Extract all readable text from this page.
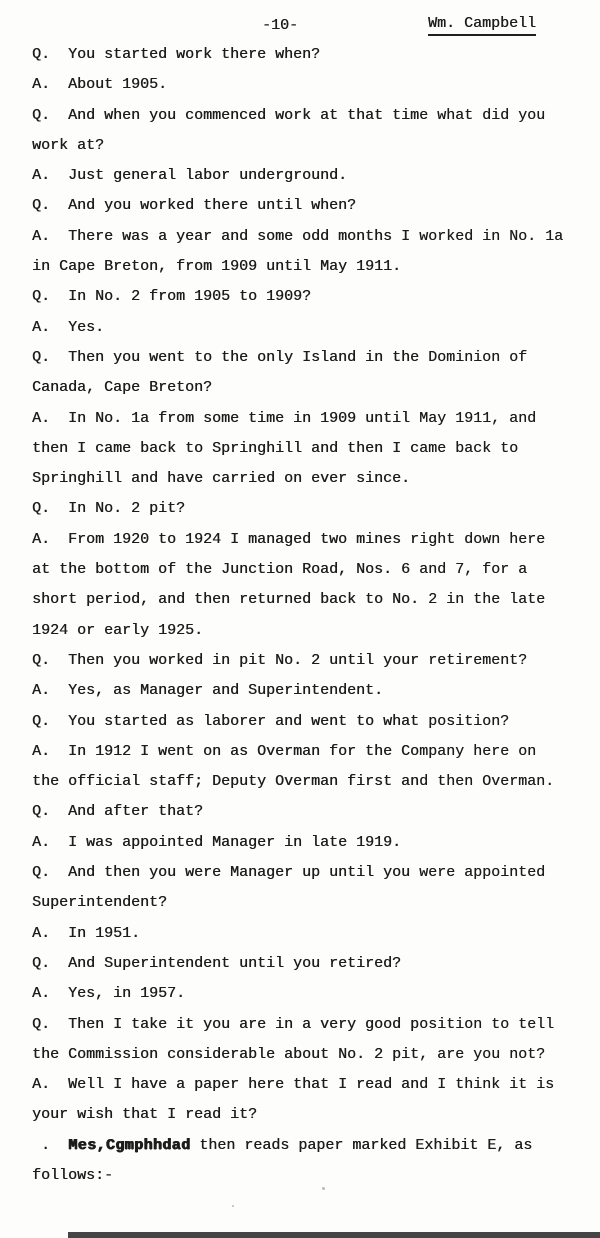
-10-	Wm. Campbell
Q.  You started work there when?
A.  About 1905.
Q.  And when you commenced work at that time what did you
work at?
A.  Just general labor underground.
Q.  And you worked there until when?
A.  There was a year and some odd months I worked in No. 1a
in Cape Breton, from 1909 until May 1911.
Q.  In No. 2 from 1905 to 1909?
A.  Yes.
Q.  Then you went to the only Island in the Dominion of
Canada, Cape Breton?
A.  In No. 1a from some time in 1909 until May 1911, and
then I came back to Springhill and then I came back to
Springhill and have carried on ever since.
Q.  In No. 2 pit?
A.  From 1920 to 1924 I managed two mines right down here
at the bottom of the Junction Road, Nos. 6 and 7, for a
short period, and then returned back to No. 2 in the late
1924 or early 1925.
Q.  Then you worked in pit No. 2 until your retirement?
A.  Yes, as Manager and Superintendent.
Q.  You started as laborer and went to what position?
A.  In 1912 I went on as Overman for the Company here on
the official staff; Deputy Overman first and then Overman.
Q.  And after that?
A.  I was appointed Manager in late 1919.
Q.  And then you were Manager up until you were appointed
Superintendent?
A.  In 1951.
Q.  And Superintendent until you retired?
A.  Yes, in 1957.
Q.  Then I take it you are in a very good position to tell
the Commission considerable about No. 2 pit, are you not?
A.  Well I have a paper here that I read and I think it is
your wish that I read it?
.  Mes,Cgmphhdad then reads paper marked Exhibit E, as
follows:-
